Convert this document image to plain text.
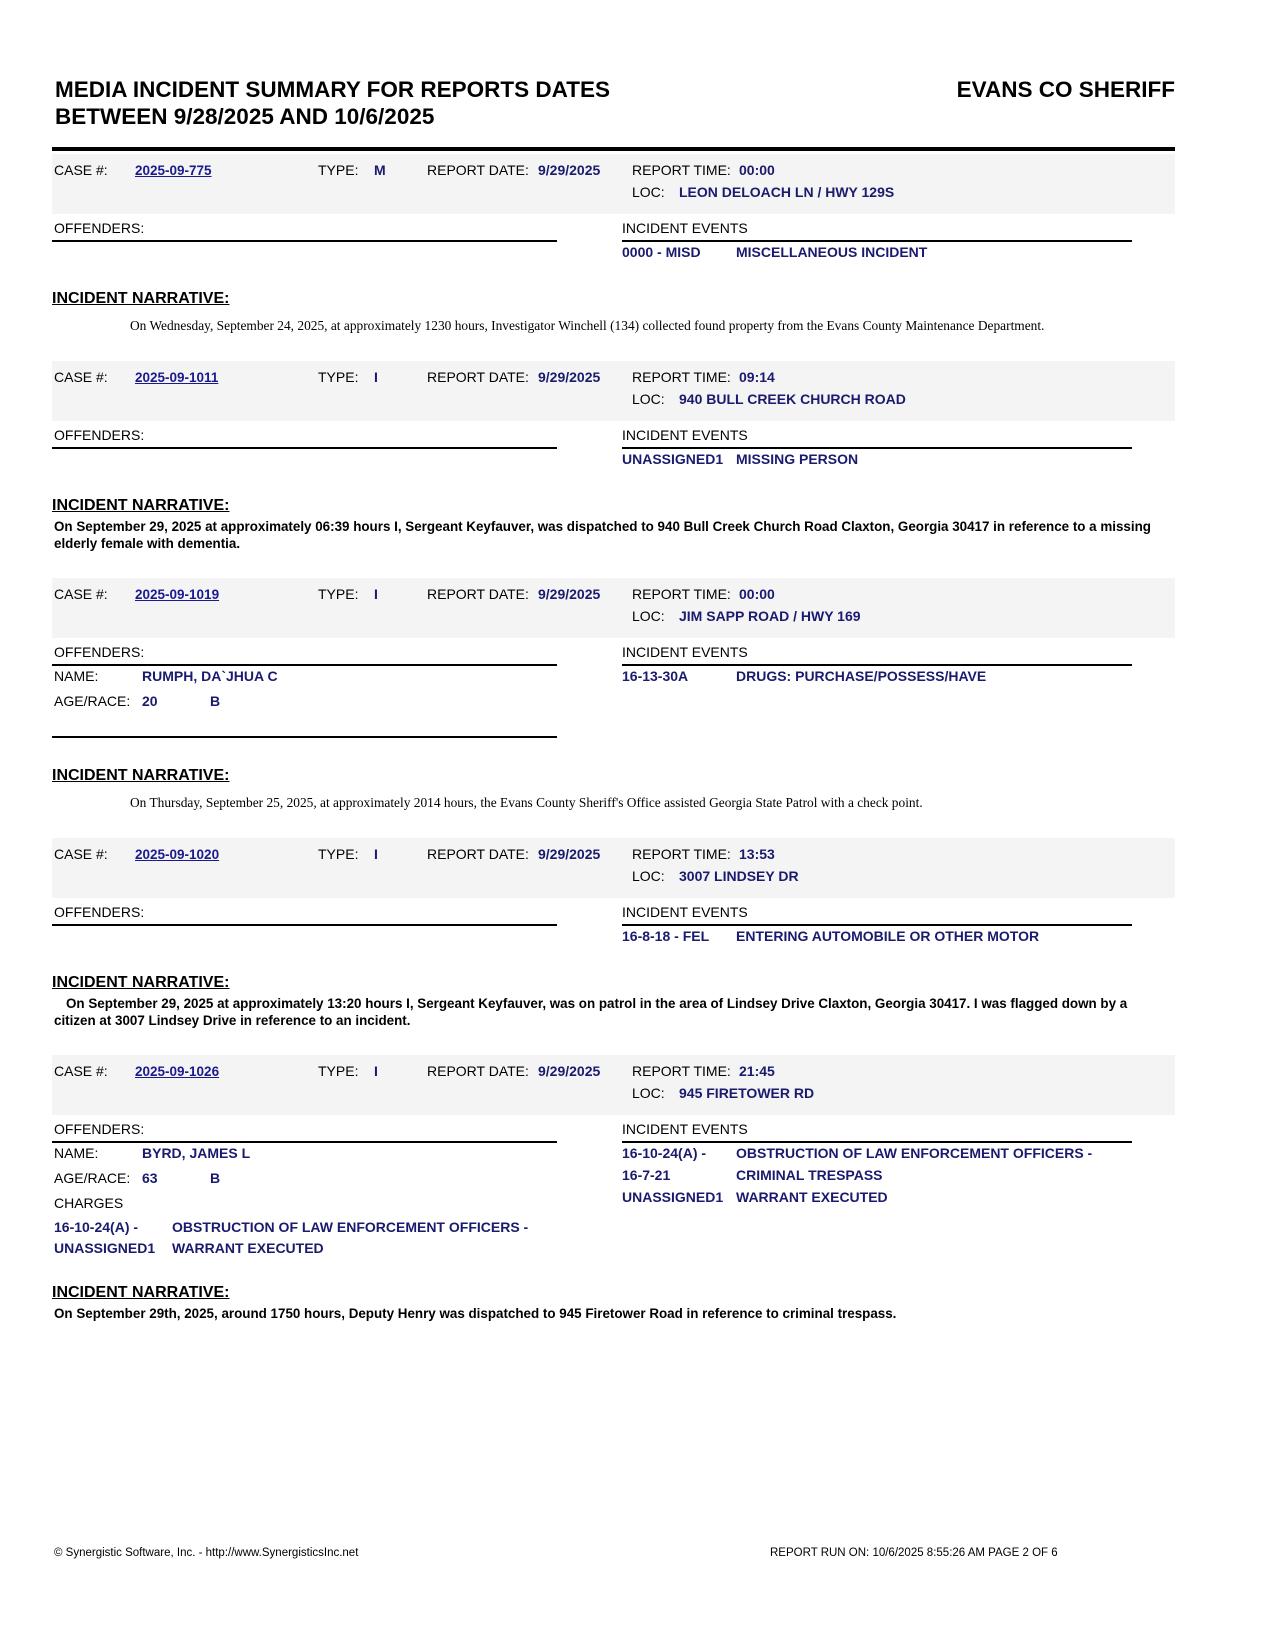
MEDIA INCIDENT SUMMARY FOR REPORTS DATES
BETWEEN 9/28/2025 AND 10/6/2025
EVANS CO SHERIFF
CASE #: 2025-09-775	TYPE: M	REPORT DATE: 9/29/2025 REPORT TIME: 00:00
LOC: LEON DELOACH LN / HWY 129S
OFFENDERS:	INCIDENT EVENTS
0000 - MISD	MISCELLANEOUS INCIDENT
INCIDENT NARRATIVE:
On Wednesday, September 24, 2025, at approximately 1230 hours, Investigator Winchell (134) collected found property from the Evans County Maintenance Department.
CASE #: 2025-09-1011	TYPE: I	REPORT DATE: 9/29/2025 REPORT TIME: 09:14
LOC: 940 BULL CREEK CHURCH ROAD
OFFENDERS:	INCIDENT EVENTS
UNASSIGNED1 MISSING PERSON
INCIDENT NARRATIVE:
On September 29, 2025 at approximately 06:39 hours I, Sergeant Keyfauver, was dispatched to 940 Bull Creek Church Road Claxton, Georgia 30417 in reference to a missing elderly female with dementia.
CASE #: 2025-09-1019	TYPE: I	REPORT DATE: 9/29/2025 REPORT TIME: 00:00
LOC: JIM SAPP ROAD / HWY 169
OFFENDERS:
NAME:	RUMPH, DA`JHUA C
AGE/RACE: 20	B
INCIDENT EVENTS
16-13-30A	DRUGS: PURCHASE/POSSESS/HAVE
INCIDENT NARRATIVE:
On Thursday, September 25, 2025, at approximately 2014 hours, the Evans County Sheriff's Office assisted Georgia State Patrol with a check point.
CASE #: 2025-09-1020	TYPE: I	REPORT DATE: 9/29/2025 REPORT TIME: 13:53
LOC: 3007 LINDSEY DR
OFFENDERS:	INCIDENT EVENTS
16-8-18 - FEL ENTERING AUTOMOBILE OR OTHER MOTOR
INCIDENT NARRATIVE:
On September 29, 2025 at approximately 13:20 hours I, Sergeant Keyfauver, was on patrol in the area of Lindsey Drive Claxton, Georgia 30417. I was flagged down by a citizen at 3007 Lindsey Drive in reference to an incident.
CASE #: 2025-09-1026	TYPE: I	REPORT DATE: 9/29/2025 REPORT TIME: 21:45
LOC: 945 FIRETOWER RD
OFFENDERS:
NAME:	BYRD, JAMES L
AGE/RACE: 63	B
CHARGES
16-10-24(A) - OBSTRUCTION OF LAW ENFORCEMENT OFFICERS -
UNASSIGNED1 WARRANT EXECUTED
INCIDENT EVENTS
16-10-24(A) - OBSTRUCTION OF LAW ENFORCEMENT OFFICERS -
16-7-21	CRIMINAL TRESPASS
UNASSIGNED1 WARRANT EXECUTED
INCIDENT NARRATIVE:
On September 29th, 2025, around 1750 hours, Deputy Henry was dispatched to 945 Firetower Road in reference to criminal trespass.
© Synergistic Software, Inc. - http://www.SynergisticsInc.net	REPORT RUN ON: 10/6/2025 8:55:26 AM PAGE 2 OF 6
